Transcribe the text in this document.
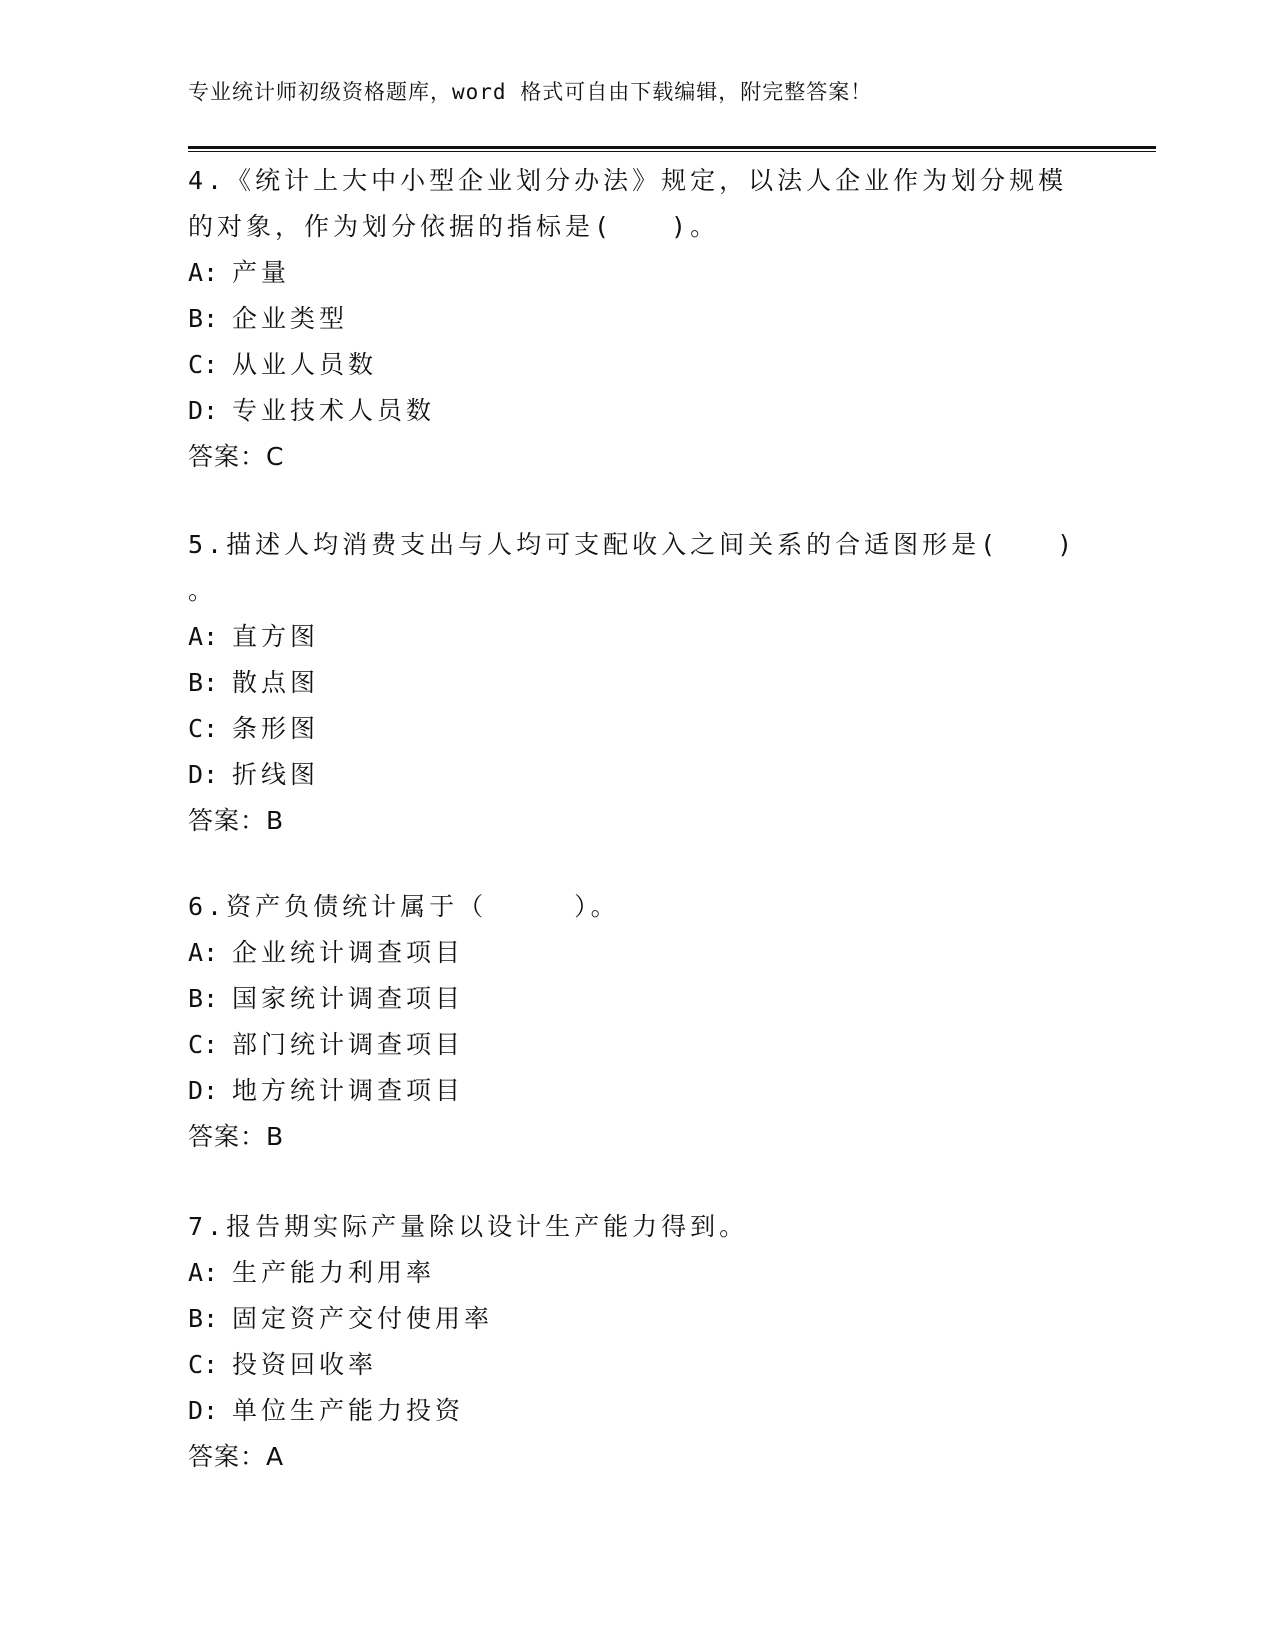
专业统计师初级资格题库，word 格式可自由下载编辑，附完整答案！
4.《统计上大中小型企业划分办法》规定，以法人企业作为划分规模
的对象，作为划分依据的指标是(　　)。
A: 产量
B: 企业类型
C: 从业人员数
D: 专业技术人员数
答案：C
5.描述人均消费支出与人均可支配收入之间关系的合适图形是(　　)
。
A: 直方图
B: 散点图
C: 条形图
D: 折线图
答案：B
6.资产负债统计属于（　　　）。
A: 企业统计调查项目
B: 国家统计调查项目
C: 部门统计调查项目
D: 地方统计调查项目
答案：B
7.报告期实际产量除以设计生产能力得到。
A: 生产能力利用率
B: 固定资产交付使用率
C: 投资回收率
D: 单位生产能力投资
答案：A
